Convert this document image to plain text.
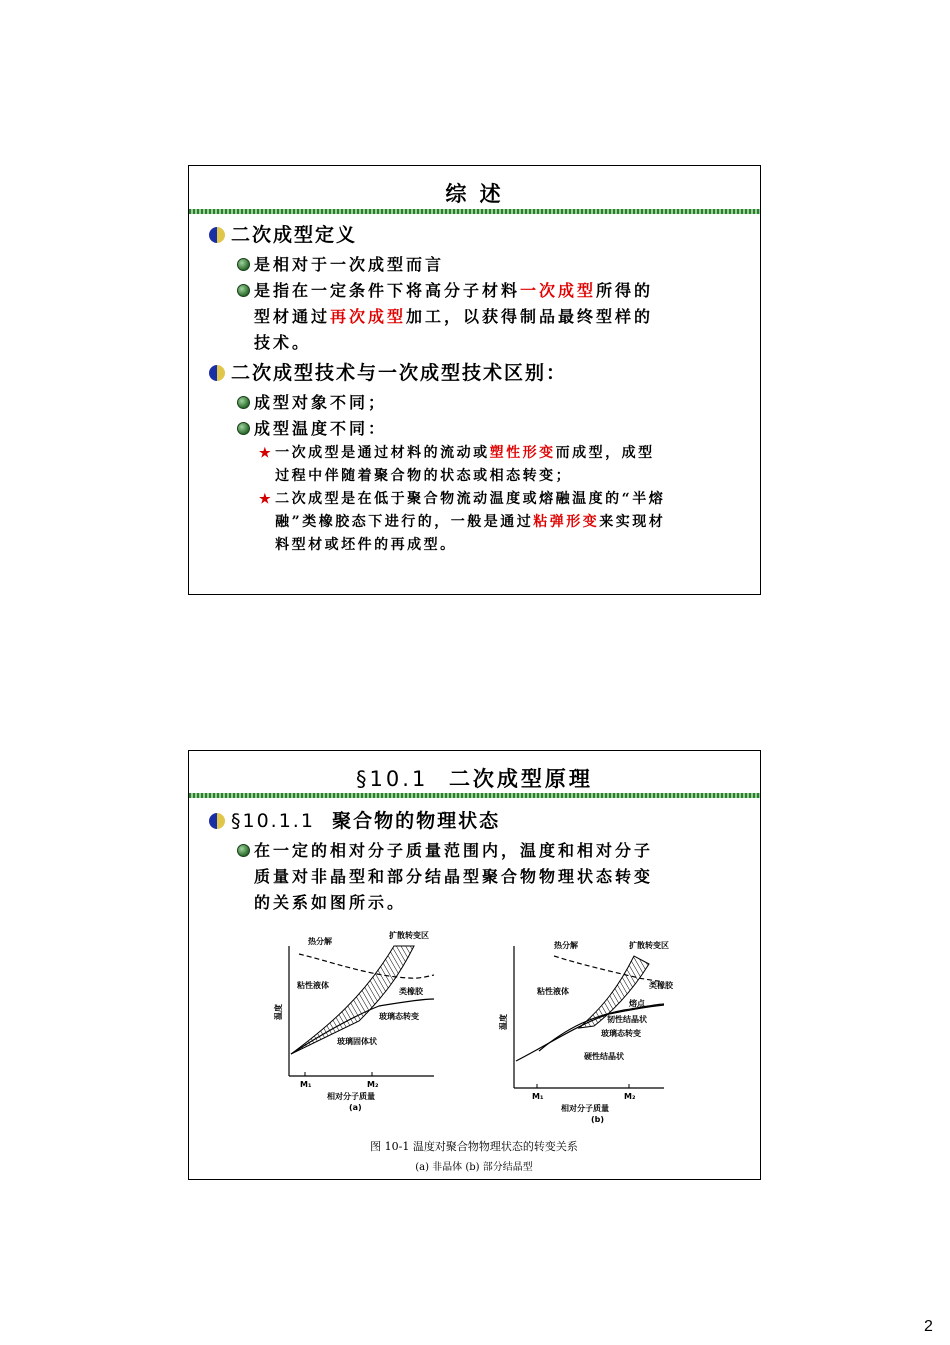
综 述
二次成型定义
是相对于一次成型而言
是指在一定条件下将高分子材料一次成型所得的
型材通过再次成型加工，以获得制品最终型样的
技术。
二次成型技术与一次成型技术区别：
成型对象不同；
成型温度不同：
★ 一次成型是通过材料的流动或塑性形变而成型，成型
过程中伴随着聚合物的状态或相态转变；
★ 二次成型是在低于聚合物流动温度或熔融温度的“半熔
融”类橡胶态下进行的，一般是通过粘弹形变来实现材
料型材或坯件的再成型。
§10.1 二次成型原理
§10.1.1 聚合物的物理状态
在一定的相对分子质量范围内，温度和相对分子
质量对非晶型和部分结晶型聚合物物理状态转变
的关系如图所示。
热分解
扩散转变区
粘性液体
类橡胶
玻璃态转变
玻璃固体状
温度
M₁	M₂
相对分子质量
(a)
热分解	扩散转变区
粘性液体
类橡胶
熔点
韧性结晶状
玻璃态转变
硬性结晶状
温度
M₁	M₂
相对分子质量
(b)
图 10-1 温度对聚合物物理状态的转变关系
(a) 非晶体 (b) 部分结晶型
2
